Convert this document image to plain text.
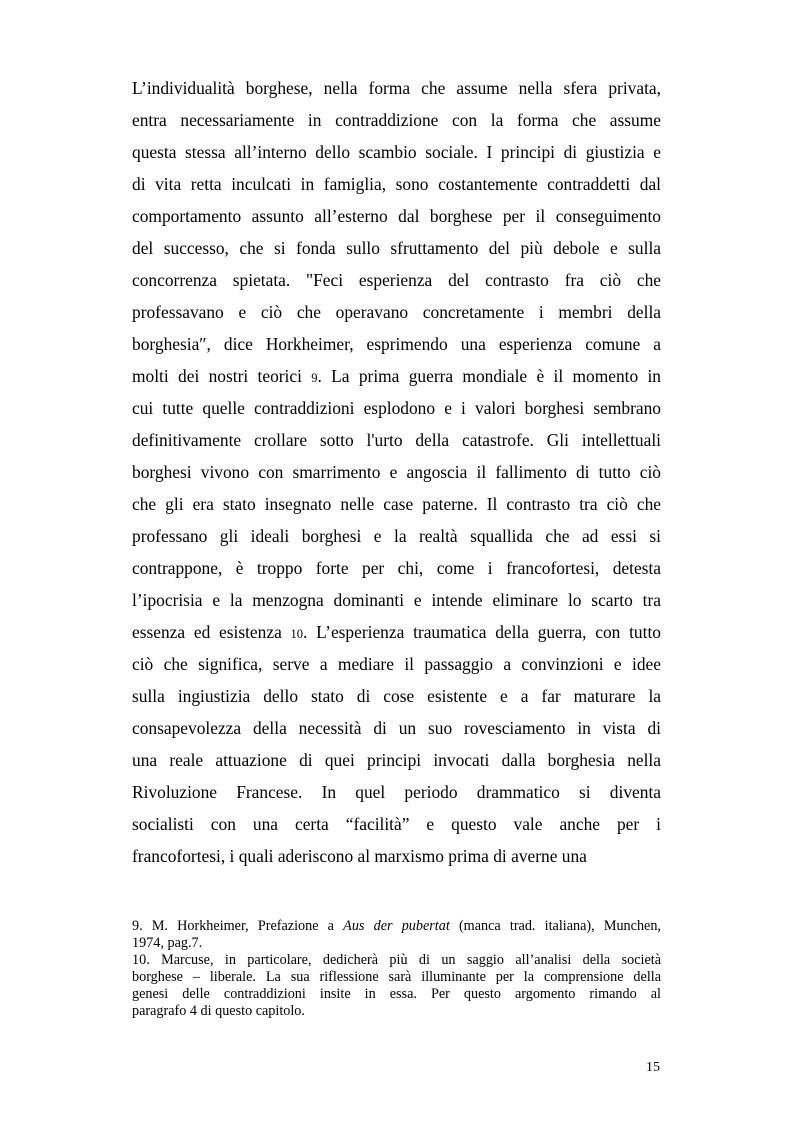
L’individualità borghese, nella forma che assume nella sfera privata,
entra necessariamente in contraddizione con la forma che assume
questa stessa all’interno dello scambio sociale. I principi di giustizia e
di vita retta inculcati in famiglia, sono costantemente contraddetti dal
comportamento assunto all’esterno dal borghese per il conseguimento
del successo, che si fonda sullo sfruttamento del più debole e sulla
concorrenza spietata. "Feci esperienza del contrasto fra ciò che
professavano e ciò che operavano concretamente i membri della
borghesia″, dice Horkheimer, esprimendo una esperienza comune a
molti dei nostri teorici 9. La prima guerra mondiale è il momento in
cui tutte quelle contraddizioni esplodono e i valori borghesi sembrano
definitivamente crollare sotto l'urto della catastrofe. Gli intellettuali
borghesi vivono con smarrimento e angoscia il fallimento di tutto ciò
che gli era stato insegnato nelle case paterne. Il contrasto tra ciò che
professano gli ideali borghesi e la realtà squallida che ad essi si
contrappone, è troppo forte per chi, come i francofortesi, detesta
l’ipocrisia e la menzogna dominanti e intende eliminare lo scarto tra
essenza ed esistenza 10. L’esperienza traumatica della guerra, con tutto
ciò che significa, serve a mediare il passaggio a convinzioni e idee
sulla ingiustizia dello stato di cose esistente e a far maturare la
consapevolezza della necessità di un suo rovesciamento in vista di
una reale attuazione di quei principi invocati dalla borghesia nella
Rivoluzione Francese. In quel periodo drammatico si diventa
socialisti con una certa “facilità” e questo vale anche per i
francofortesi, i quali aderiscono al marxismo prima di averne una
9. M. Horkheimer, Prefazione a Aus der pubertat (manca trad. italiana), Munchen,
1974, pag.7.
10. Marcuse, in particolare, dedicherà più di un saggio all’analisi della società
borghese – liberale. La sua riflessione sarà illuminante per la comprensione della
genesi delle contraddizioni insite in essa. Per questo argomento rimando al
paragrafo 4 di questo capitolo.
15
